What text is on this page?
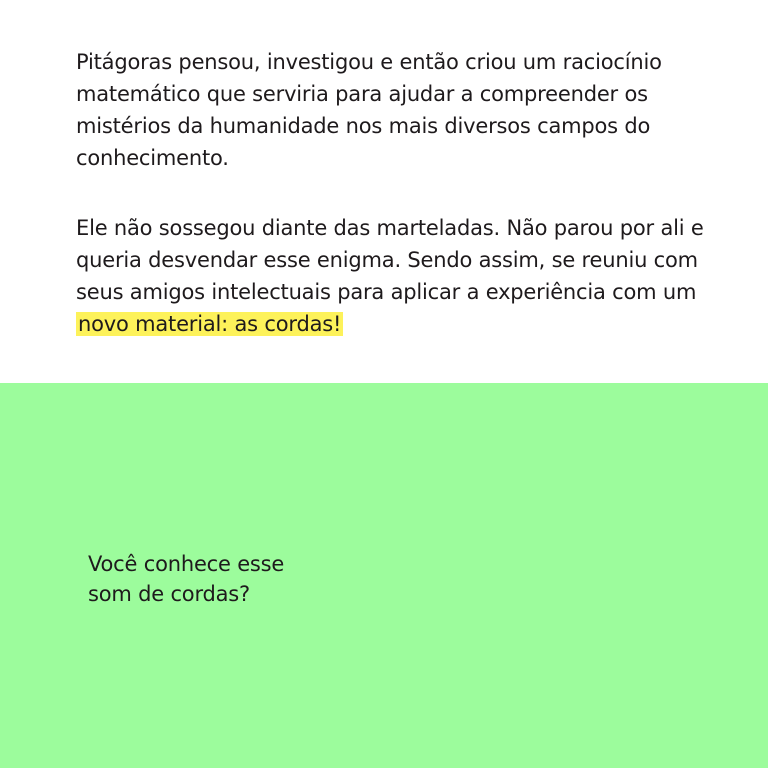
Pitágoras pensou, investigou e então criou um raciocínio matemático que serviria para ajudar a compreender os mistérios da humanidade nos mais diversos campos do conhecimento.

Ele não sossegou diante das marteladas. Não parou por ali e queria desvendar esse enigma. Sendo assim, se reuniu com seus amigos intelectuais para aplicar a experiência com um novo material: as cordas!

Você conhece esse
som de cordas?
